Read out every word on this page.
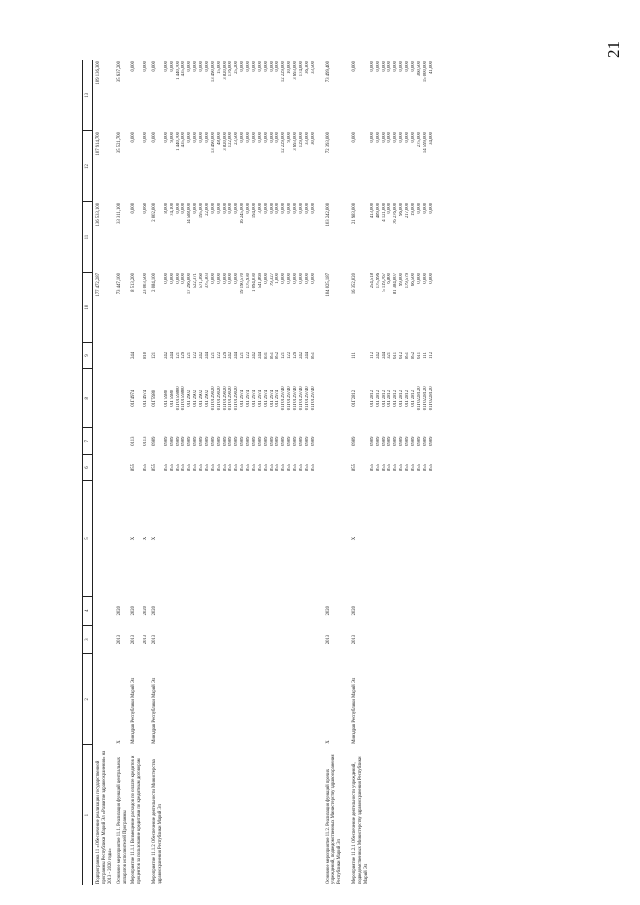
21
1	2	3	4	5	6	7	8	9	10	11	12	13
Подпрограмма 11 «Обеспечение реализации государственной программы Республики Марий Эл «Развитие здравоохранения» на 2013 - 2020 годы»									177 472,287	136 533,100	107 914,700	109 136,300
Основное мероприятие 11.1. Реализация функций центральных аппаратов исполнителей Программы	X	2013	2020						73 447,100	33 311,100	35 521,700	35 637,200
Мероприятие 11.1.1 Возмещение расходов по оплате кредитов и процентов за пользование кредитами по кредитным договорам	Минздрав Республики Марий Эл	2013	2020	X	855	0113	01Г4974	244	8 513,200	0,000	0,000	0,000
		2013	2020	X	855	0113	01Г4974	810	23 003,500	0,060	0,000	0,000
Мероприятие 11.1.2 Обеспечение деятельности Министерства здравоохранения Республики Марий Эл	Минздрав Республики Марий Эл	2013	2020	X	855	0909	01Г5980	121	2 084,100	2 002,000	0,000	0,000
					855	0909	01Г5980	242	0,000	8,000	0,000	0,000
					855	0909	01Г5980	244	0,000	74,100	9,000	0,000
					855	0909	01Г0159800	121	0,000	0,000	1 440,700	1 440,700
					855	0909	01Г0159800	129	0,000	0,000	435,000	435,000
					855	0909	01Г2902	121	17 296,000	14 588,000	0,000	0,000
					855	0909	01Г2902	122	522,371	0,000	0,000	0,000
					855	0909	01Г2902	242	571,360	195,000	0,000	0,000
					855	0909	01Г2902	244	375,303	22,000	0,000	0,000
					855	0909	01Г0129020	121	0,000	0,000	13 490,000	13 490,000
					855	0909	01Г0129020	122	0,000	0,000	48,000	15,000
					855	0909	01Г0129020	129	0,000	0,000	3 820,000	3 820,000
					855	0909	01Г0129020	242	0,000	0,000	122,000	176,000
					855	0909	01Г0129020	244	0,000	0,000	23,500	25,200
					855	0909	01Г2974	121	19 190,570	16 245,000	0,000	0,000
					855	0909	01Г2974	122	175,930	0,000	0,000	0,000
					855	0909	01Г2974	242	1 094,030	194,000	0,000	0,000
					855	0909	01Г2974	244	541,869	3,000	0,000	0,000
					855	0909	01Г2974	831	0,000	0,000	0,000	0,000
					855	0909	01Г2974	851	79,327	0,000	0,000	0,000
					855	0909	01Г2974	852	1,000	0,000	0,000	0,000
					855	0909	01Г0129740	121	0,000	0,000	12 229,000	12 229,000
					855	0909	01Г0129740	122	0,000	0,000	9,000	10,000
					855	0909	01Г0129740	129	0,000	0,000	3 693,000	3 693,000
					855	0909	01Г0129740	242	0,000	0,000	129,000	174,000
					855	0909	01Г0129740	244	0,000	0,000	33,000	36,300
					855	0909	01Г0129740	851	0,000	0,000	30,000	33,500

Основное мероприятие 11.2. Реализация функций прочих учреждений, подведомственных Министерству здравоохранения Республики Марий Эл	X	2013	2020						104 025,187	103 242,000	72 393,000	73 499,400

Мероприятие 11.2.1 Обеспечение деятельности учреждений, подведомственных Министерству здравоохранения Республики Марий Эл	Минздрав Республики Марий Эл	2013	2020	X	855	0909	01Г2812	111	16 352,020	21 983,000	0,000	0,000
					855	0909	01Г2812	112	254,518	413,000	0,000	0,000
					855	0909	01Г2812	242	175,996	489,000	0,000	0,000
					855	0909	01Г2812	244	5 119,767	4 121,000	0,000	0,000
					855	0909	01Г2812	321	6,800	0,000	0,000	0,000
					855	0909	01Г2812	611	81 384,007	76 276,000	0,000	0,000
					855	0909	01Г2812	612	99,000	96,000	0,000	0,000
					855	0909	01Г2812	851	179,579	217,000	0,000	0,000
					855	0909	01Г2812	852	66,500	19,000	0,000	0,000
					855	0909	01Г0228120	611	0,000	0,000	275,000	360,500
					855	0909	01Г0228120	111	0,000	0,000	14 599,000	15 000,000
					855	0909	01Г0228120	112	0,000	0,000	34,000	41,000
